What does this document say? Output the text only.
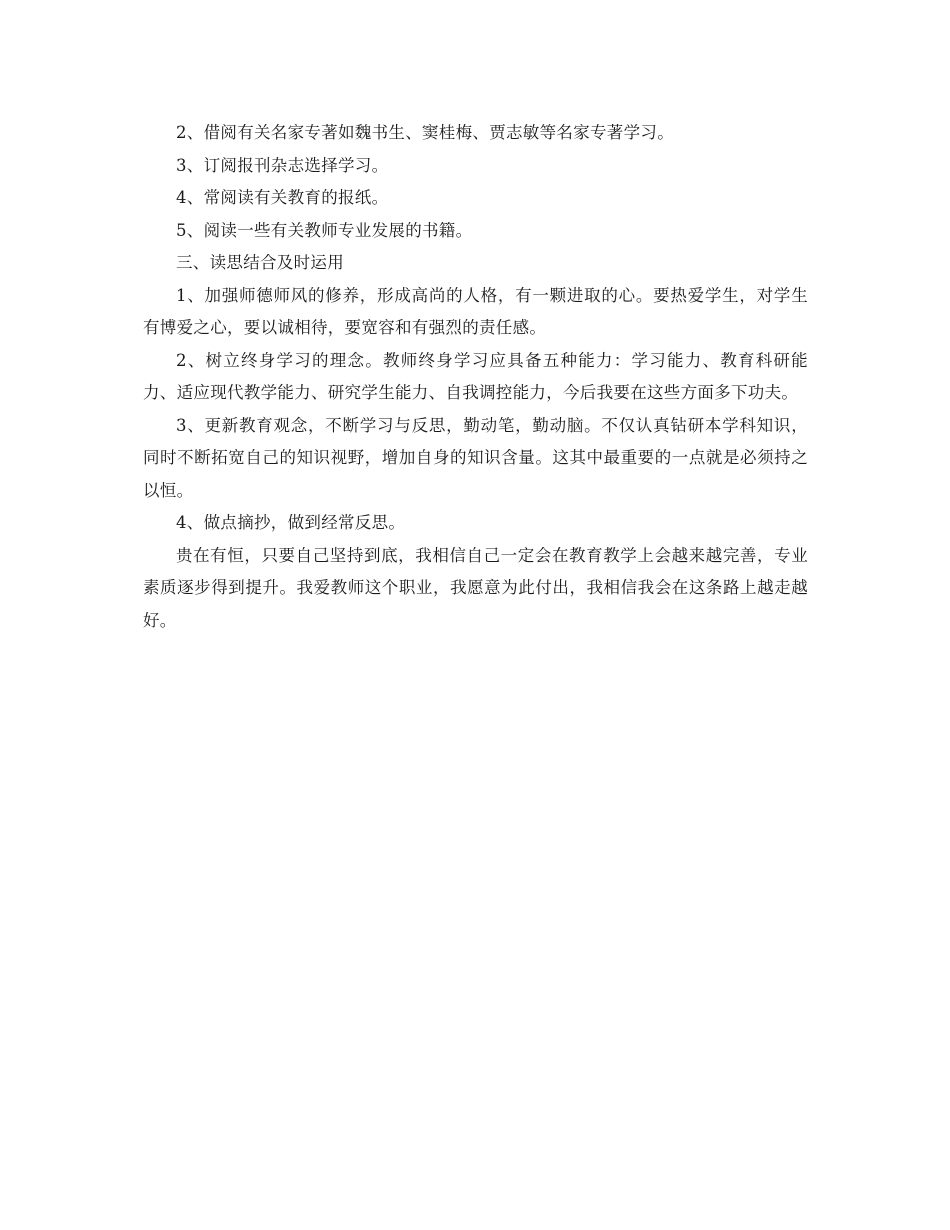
2、借阅有关名家专著如魏书生、窦桂梅、贾志敏等名家专著学习。

3、订阅报刊杂志选择学习。

4、常阅读有关教育的报纸。

5、阅读一些有关教师专业发展的书籍。

三、读思结合及时运用

1、加强师德师风的修养，形成高尚的人格，有一颗进取的心。要热爱学生，对学生有博爱之心，要以诚相待，要宽容和有强烈的责任感。

2、树立终身学习的理念。教师终身学习应具备五种能力：学习能力、教育科研能力、适应现代教学能力、研究学生能力、自我调控能力，今后我要在这些方面多下功夫。

3、更新教育观念，不断学习与反思，勤动笔，勤动脑。不仅认真钻研本学科知识，同时不断拓宽自己的知识视野，增加自身的知识含量。这其中最重要的一点就是必须持之以恒。

4、做点摘抄，做到经常反思。

贵在有恒，只要自己坚持到底，我相信自己一定会在教育教学上会越来越完善，专业素质逐步得到提升。我爱教师这个职业，我愿意为此付出，我相信我会在这条路上越走越好。
